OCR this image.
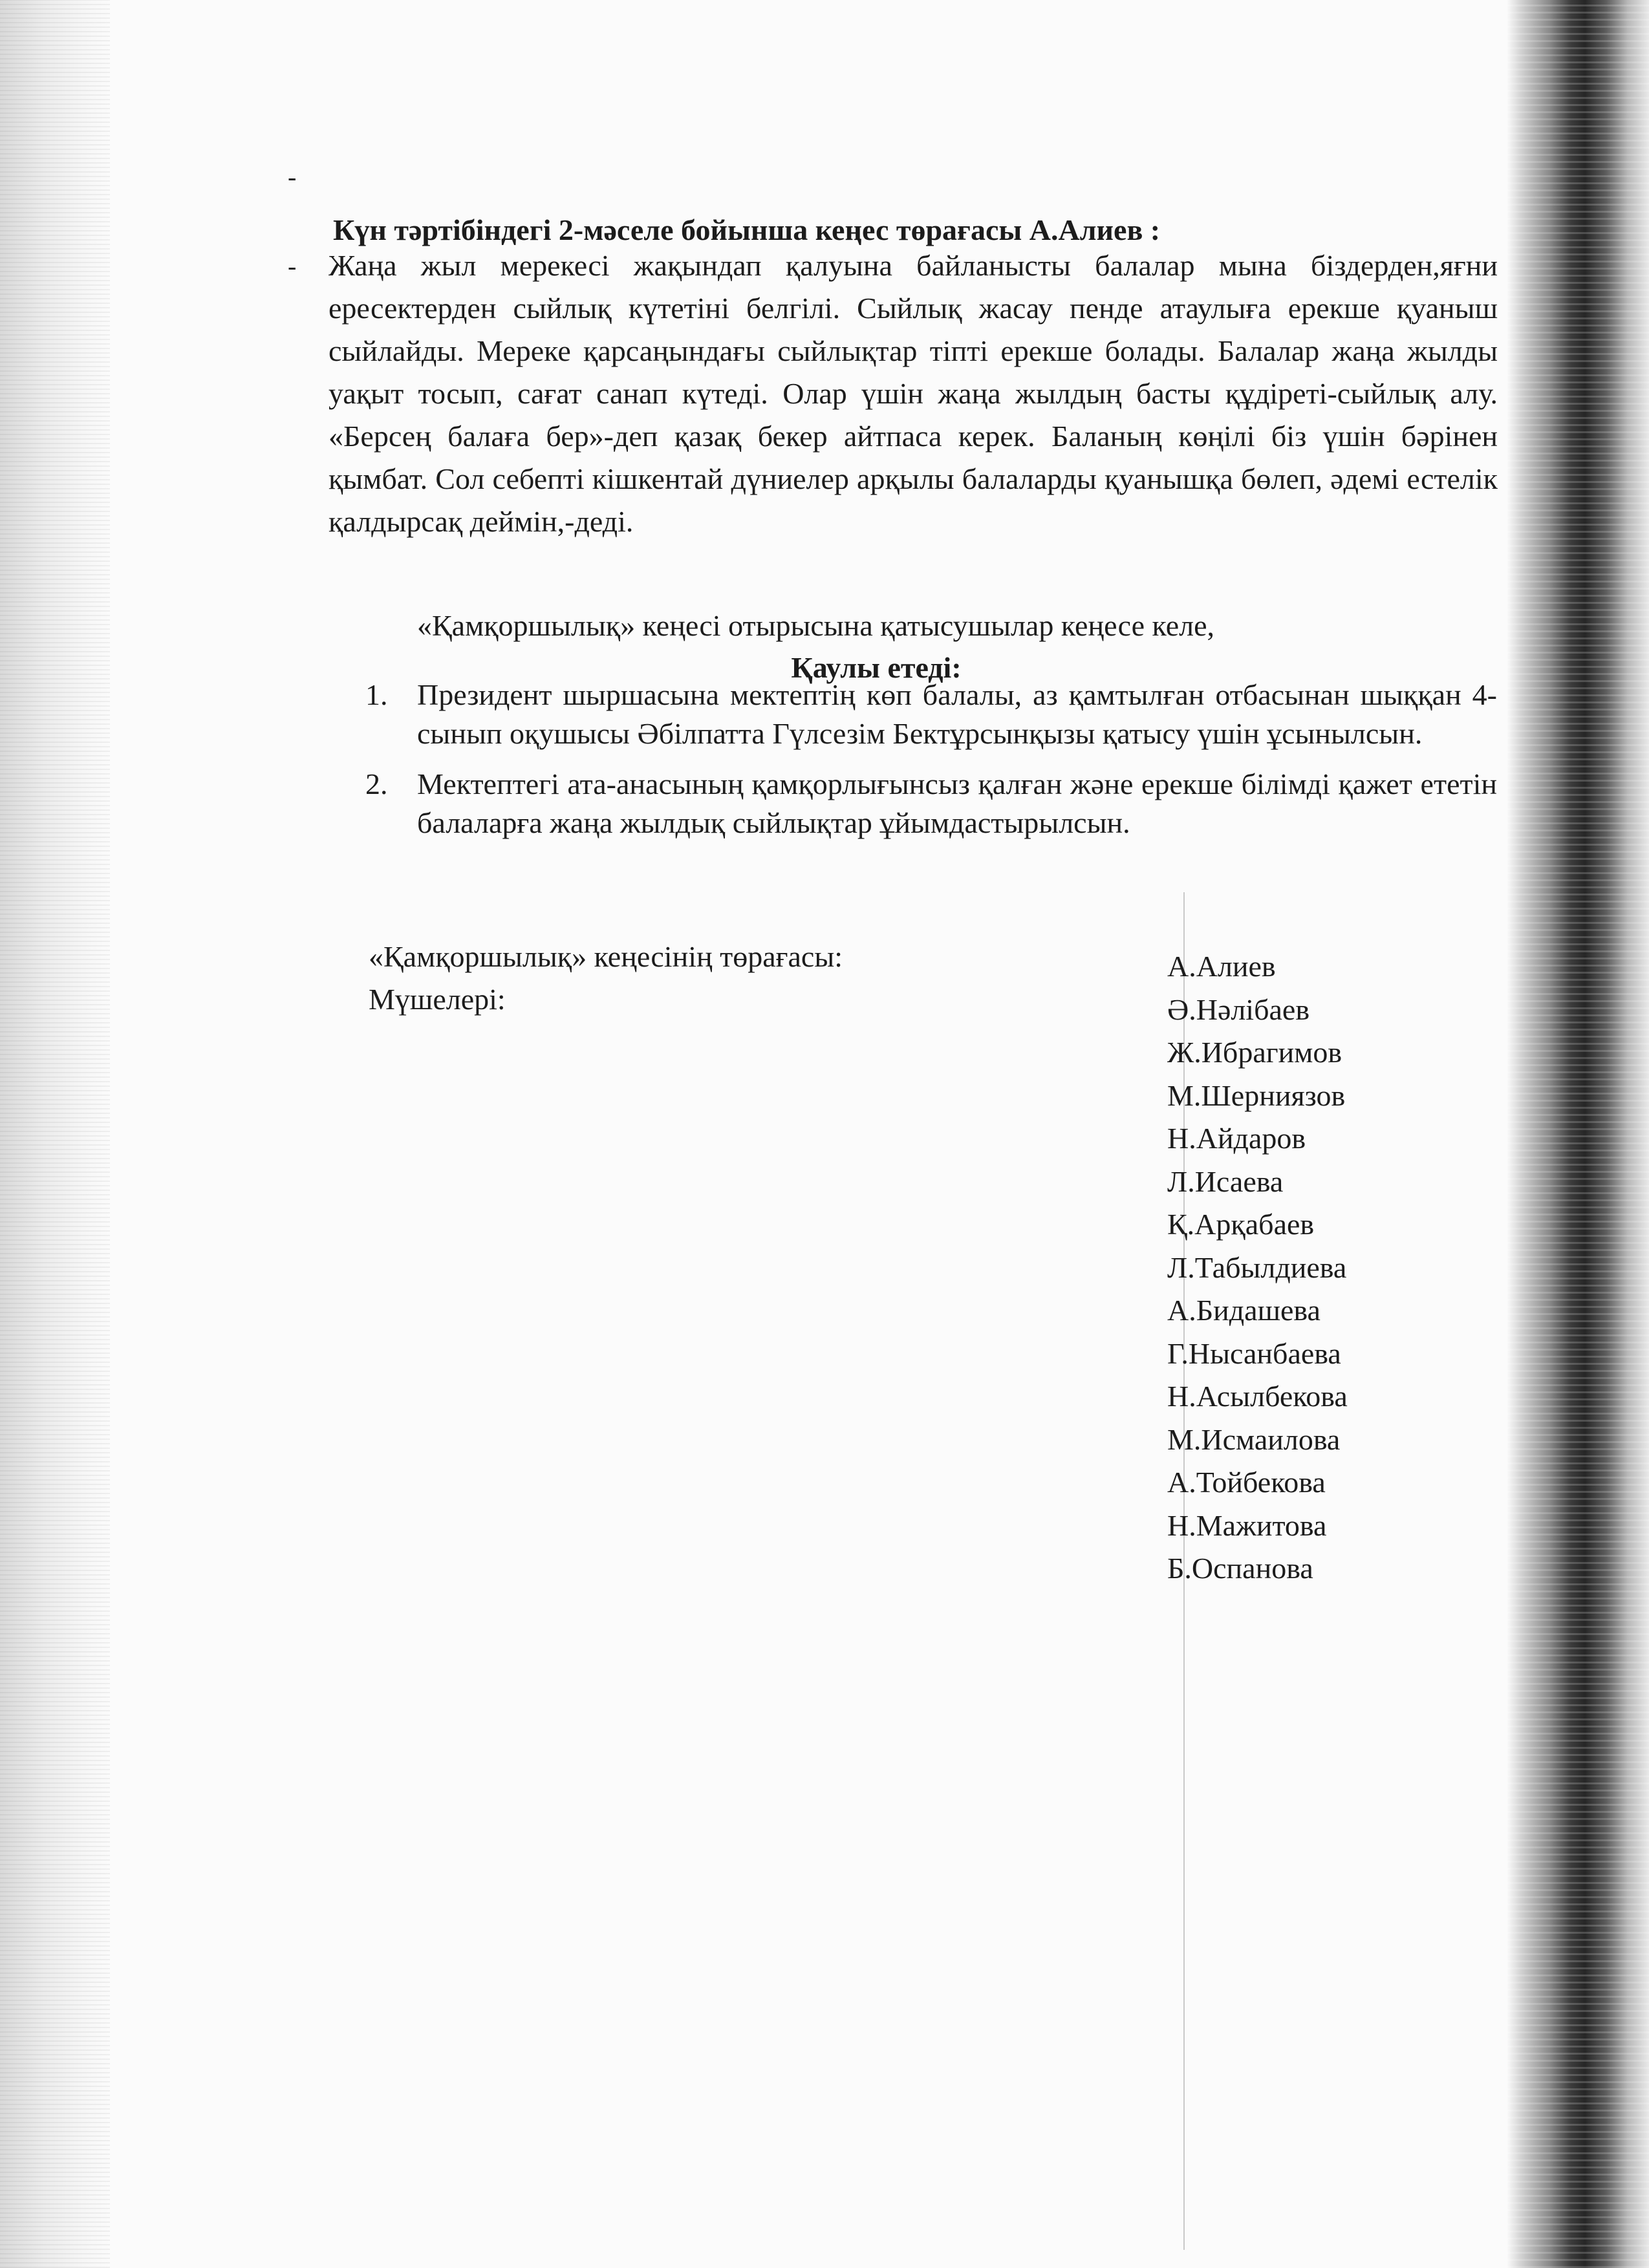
-
Күн тәртібіндегі 2-мәселе бойынша кеңес төрағасы А.Алиев :
- Жаңа жыл мерекесі жақындап қалуына байланысты балалар мына біздерден,яғни ересектерден сыйлық күтетіні белгілі. Сыйлық жасау пенде атаулыға ерекше қуаныш сыйлайды. Мереке қарсаңындағы сыйлықтар тіпті ерекше болады. Балалар жаңа жылды уақыт тосып, сағат санап күтеді. Олар үшін жаңа жылдың басты құдіреті-сыйлық алу. «Берсең балаға бер»-деп қазақ бекер айтпаса керек. Баланың көңілі біз үшін бәрінен қымбат. Сол себепті кішкентай дүниелер арқылы балаларды қуанышқа бөлеп, әдемі естелік қалдырсақ деймін,-деді.

«Қамқоршылық» кеңесі отырысына қатысушылар кеңесе келе,

Қаулы етеді:
1. Президент шыршасына мектептің көп балалы, аз қамтылған отбасынан шыққан 4-сынып оқушысы Әбілпатта Гүлсезім Бектұрсынқызы қатысу үшін ұсынылсын.
2. Мектептегі ата-анасының қамқорлығынсыз қалған және ерекше білімді қажет ететін балаларға жаңа жылдық сыйлықтар ұйымдастырылсын.

«Қамқоршылық» кеңесінің төрағасы:

Мүшелері:

А.Алиев
Ә.Нәлібаев
Ж.Ибрагимов
М.Шерниязов
Н.Айдаров
Л.Исаева
Қ.Арқабаев
Л.Табылдиева
А.Бидашева
Г.Нысанбаева
Н.Асылбекова
М.Исмаилова
А.Тойбекова
Н.Мажитова
Б.Оспанова
